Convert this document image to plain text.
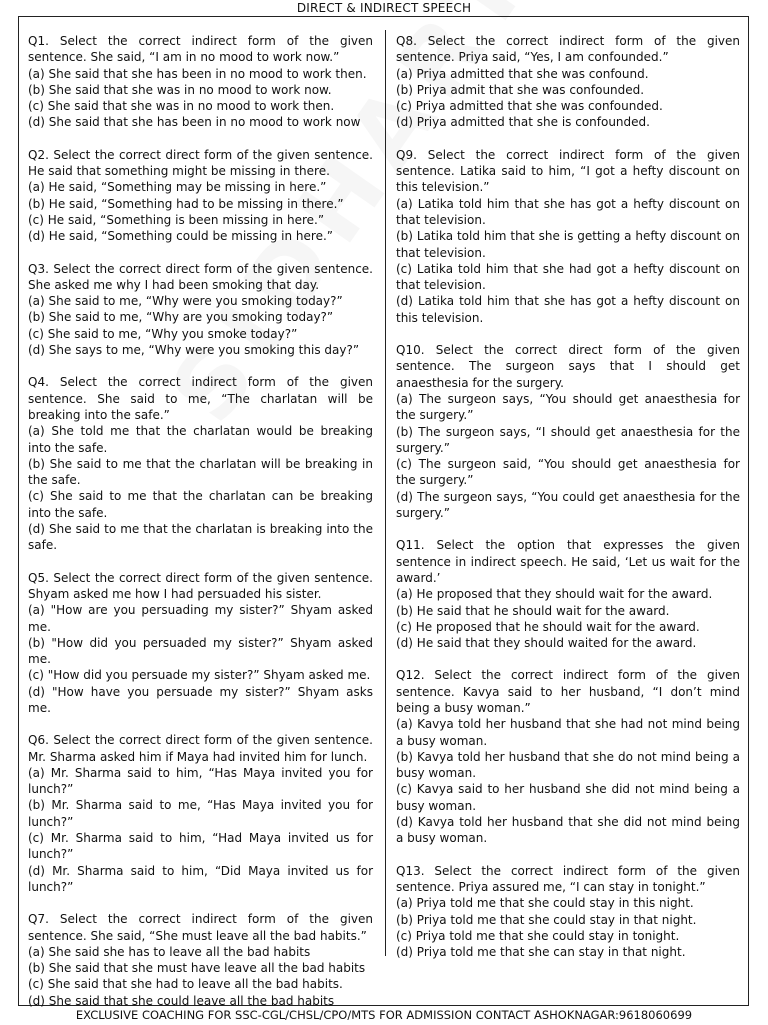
DIRECT & INDIRECT SPEECH
Q1. Select the correct indirect form of the given sentence. She said, “I am in no mood to work now.”
(a) She said that she has been in no mood to work then.
(b) She said that she was in no mood to work now.
(c) She said that she was in no mood to work then.
(d) She said that she has been in no mood to work now
Q2. Select the correct direct form of the given sentence. He said that something might be missing in there.
(a) He said, “Something may be missing in here.”
(b) He said, “Something had to be missing in there.”
(c) He said, “Something is been missing in here.”
(d) He said, “Something could be missing in here.”
Q3. Select the correct direct form of the given sentence. She asked me why I had been smoking that day.
(a) She said to me, “Why were you smoking today?”
(b) She said to me, “Why are you smoking today?”
(c) She said to me, “Why you smoke today?”
(d) She says to me, “Why were you smoking this day?”
Q4. Select the correct indirect form of the given sentence. She said to me, “The charlatan will be breaking into the safe.”
(a) She told me that the charlatan would be breaking into the safe.
(b) She said to me that the charlatan will be breaking in the safe.
(c) She said to me that the charlatan can be breaking into the safe.
(d) She said to me that the charlatan is breaking into the safe.
Q5. Select the correct direct form of the given sentence. Shyam asked me how I had persuaded his sister.
(a) "How are you persuading my sister?” Shyam asked me.
(b) "How did you persuaded my sister?” Shyam asked me.
(c) "How did you persuade my sister?” Shyam asked me.
(d) "How have you persuade my sister?” Shyam asks me.
Q6. Select the correct direct form of the given sentence. Mr. Sharma asked him if Maya had invited him for lunch.
(a) Mr. Sharma said to him, “Has Maya invited you for lunch?”
(b) Mr. Sharma said to me, “Has Maya invited you for lunch?”
(c) Mr. Sharma said to him, “Had Maya invited us for lunch?”
(d) Mr. Sharma said to him, “Did Maya invited us for lunch?”
Q7. Select the correct indirect form of the given sentence. She said, “She must leave all the bad habits.”
(a) She said she has to leave all the bad habits
(b) She said that she must have leave all the bad habits
(c) She said that she had to leave all the bad habits.
(d) She said that she could leave all the bad habits
Q8. Select the correct indirect form of the given sentence. Priya said, “Yes, I am confounded.”
(a) Priya admitted that she was confound.
(b) Priya admit that she was confounded.
(c) Priya admitted that she was confounded.
(d) Priya admitted that she is confounded.
Q9. Select the correct indirect form of the given sentence. Latika said to him, “I got a hefty discount on this television.”
(a) Latika told him that she has got a hefty discount on that television.
(b) Latika told him that she is getting a hefty discount on that television.
(c) Latika told him that she had got a hefty discount on that television.
(d) Latika told him that she has got a hefty discount on this television.
Q10. Select the correct direct form of the given sentence. The surgeon says that I should get anaesthesia for the surgery.
(a) The surgeon says, “You should get anaesthesia for the surgery.”
(b) The surgeon says, “I should get anaesthesia for the surgery.”
(c) The surgeon said, “You should get anaesthesia for the surgery.”
(d) The surgeon says, “You could get anaesthesia for the surgery.”
Q11. Select the option that expresses the given sentence in indirect speech. He said, ‘Let us wait for the award.’
(a) He proposed that they should wait for the award.
(b) He said that he should wait for the award.
(c) He proposed that he should wait for the award.
(d) He said that they should waited for the award.
Q12. Select the correct indirect form of the given sentence. Kavya said to her husband, “I don’t mind being a busy woman.”
(a) Kavya told her husband that she had not mind being a busy woman.
(b) Kavya told her husband that she do not mind being a busy woman.
(c) Kavya said to her husband she did not mind being a busy woman.
(d) Kavya told her husband that she did not mind being a busy woman.
Q13. Select the correct indirect form of the given sentence. Priya assured me, “I can stay in tonight.”
(a) Priya told me that she could stay in this night.
(b) Priya told me that she could stay in that night.
(c) Priya told me that she could stay in tonight.
(d) Priya told me that she can stay in that night.
EXCLUSIVE COACHING FOR SSC-CGL/CHSL/CPO/MTS FOR ADMISSION CONTACT ASHOKNAGAR:9618060699
